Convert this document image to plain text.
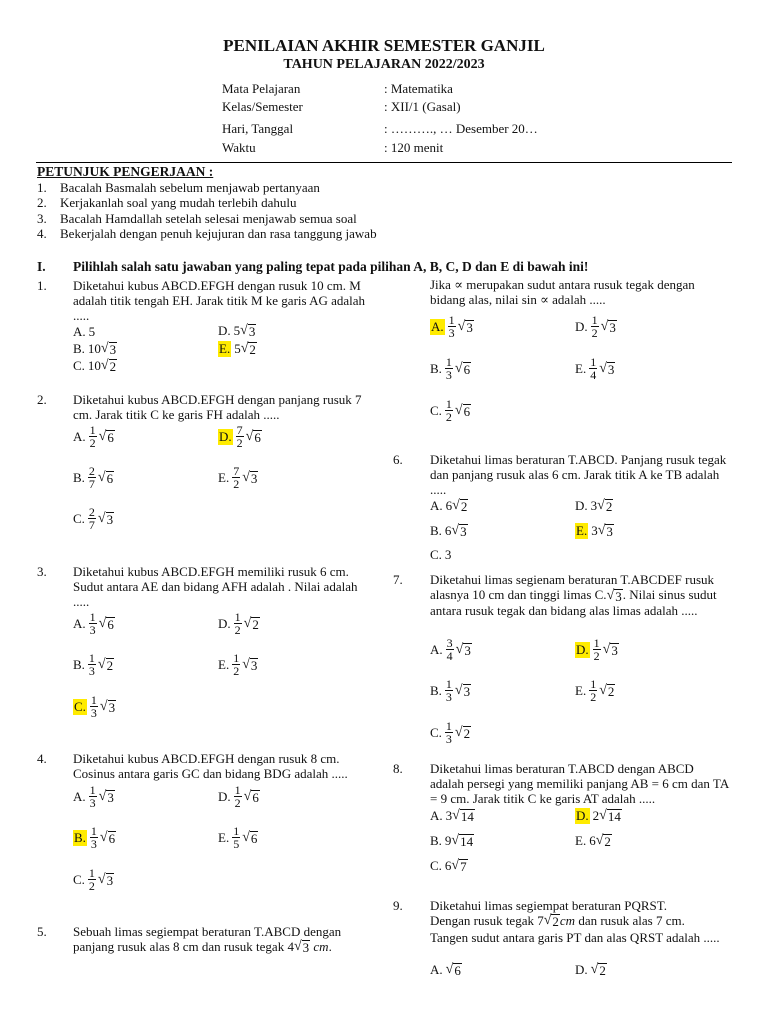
PENILAIAN AKHIR SEMESTER GANJIL
TAHUN PELAJARAN 2022/2023
Mata Pelajaran	: Matematika
Kelas/Semester	: XII/1 (Gasal)
Hari, Tanggal	: ………., … Desember 20…
Waktu	: 120 menit
PETUNJUK PENGERJAAN :
1. Bacalah Basmalah sebelum menjawab pertanyaan
2. Kerjakanlah soal yang mudah terlebih dahulu
3. Bacalah Hamdallah setelah selesai menjawab semua soal
4. Bekerjalah dengan penuh kejujuran dan rasa tanggung jawab
I. Pilihlah salah satu jawaban yang paling tepat pada pilihan A, B, C, D dan E di bawah ini!
1. Diketahui kubus ABCD.EFGH dengan rusuk 10 cm. M adalah titik tengah EH. Jarak titik M ke garis AG adalah .....
A. 5
B. 10 √ 3
C. 10 √ 2
D. 5 √ 3
E. 5 √ 2
2. Diketahui kubus ABCD.EFGH dengan panjang rusuk 7 cm. Jarak titik C ke garis FH adalah .....
A. $\frac{1}{2}$ √ 6
B. $\frac{2}{7}$ √ 6
C. $\frac{2}{7}$ √ 3
D. $\frac{7}{2}$ √ 6
E. $\frac{7}{2}$ √ 3
3. Diketahui kubus ABCD.EFGH memiliki rusuk 6 cm. Sudut antara AE dan bidang AFH adalah . Nilai adalah .....
A. $\frac{1}{3}$ √ 6
B. $\frac{1}{3}$ √ 2
C. $\frac{1}{3}$ √ 3
D. $\frac{1}{2}$ √ 2
E. $\frac{1}{2}$ √ 3
4. Diketahui kubus ABCD.EFGH dengan rusuk 8 cm. Cosinus antara garis GC dan bidang BDG adalah .....
A. $\frac{1}{3}$ √ 3
B. $\frac{1}{3}$ √ 6
C. $\frac{1}{2}$ √ 3
D. $\frac{1}{2}$ √ 6
E. $\frac{1}{5}$ √ 6
5. Sebuah limas segiempat beraturan T.ABCD dengan
panjang rusuk alas 8 cm dan rusuk tegak
4 √ 3
cm .
Jika ∝ merupakan sudut antara rusuk tegak dengan bidang alas, nilai sin ∝ adalah .....
A. $\frac{1}{3}$ √ 3
B. $\frac{1}{3}$ √ 6
C. $\frac{1}{2}$ √ 6
D. $\frac{1}{2}$ √ 3
E. $\frac{1}{4}$ √ 3
6. Diketahui limas beraturan T.ABCD. Panjang rusuk tegak dan panjang rusuk alas 6 cm. Jarak titik A ke TB adalah .....
A. 6 √ 2
B. 6 √ 3
C. 3
D. 3 √ 2
E. 3 √ 3
7. Diketahui limas segienam beraturan T.ABCDEF rusuk alasnya 10 cm dan tinggi limas C. √ 3 . Nilai sinus sudut antara rusuk tegak dan bidang alas limas adalah .....
A. $\frac{3}{4}$ √ 3
B. $\frac{1}{3}$ √ 3
C. $\frac{1}{3}$ √ 2
D. $\frac{1}{2}$ √ 3
E. $\frac{1}{2}$ √ 2
8. Diketahui limas beraturan T.ABCD dengan ABCD adalah persegi yang memiliki panjang AB = 6 cm dan TA = 9 cm. Jarak titik C ke garis AT adalah .....
A. 3 √ 14
B. 9 √ 14
C. 6 √ 7
D. 2 √ 14
E. 6 √ 2
9. Diketahui limas segiempat beraturan PQRST.
Dengan rusuk tegak
7 √ 2 cm
dan rusuk alas 7 cm.
Tangen sudut antara garis PT dan alas QRST adalah .....
A. √ 6	D. √ 2
